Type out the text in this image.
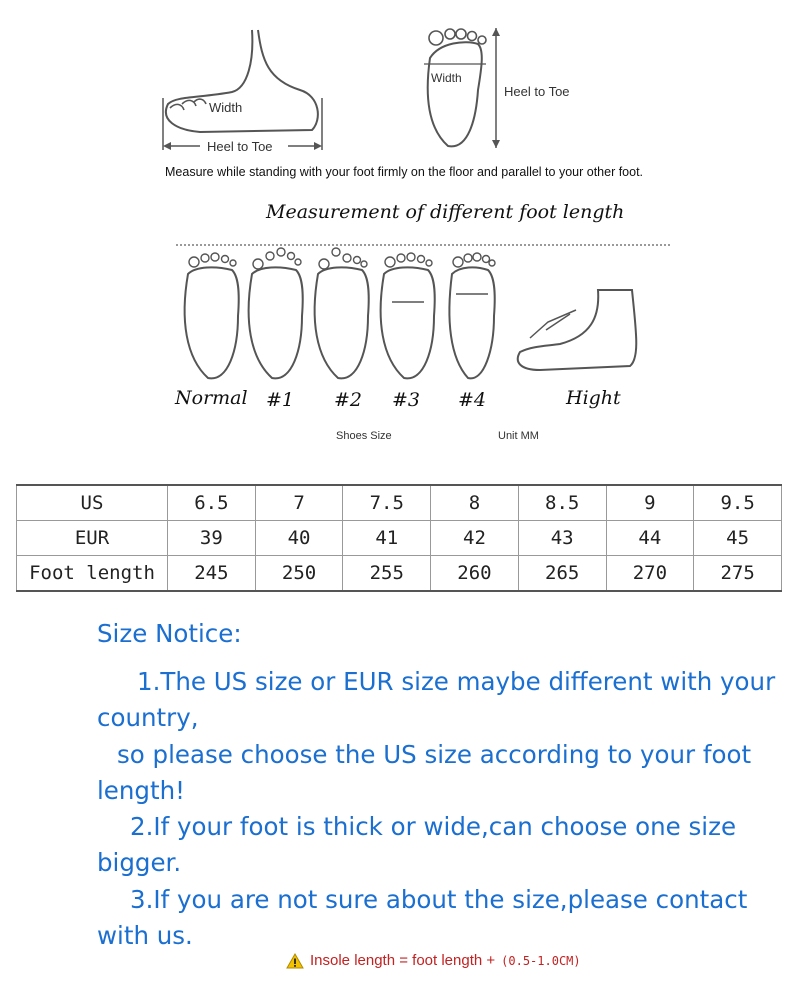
Width
Heel to Toe
Width
Heel to Toe
Measure while standing with your foot firmly on the floor and parallel to your other foot.
Measurement of different foot length
Normal #1 #2 #3 #4	Hight
Shoes Size	Unit MM
US	6.5	7	7.5	8	8.5	9	9.5
EUR	39	40	41	42	43	44	45
Foot length	245	250	255	260	265	270	275
Size Notice:
1.The US size or EUR size maybe different with your
country,
so please choose the US size according to your foot
length!
2.If your foot is thick or wide,can choose one size
bigger.
3.If you are not sure about the size,please contact
with us.
Insole length = foot length + (0.5-1.0CM)
